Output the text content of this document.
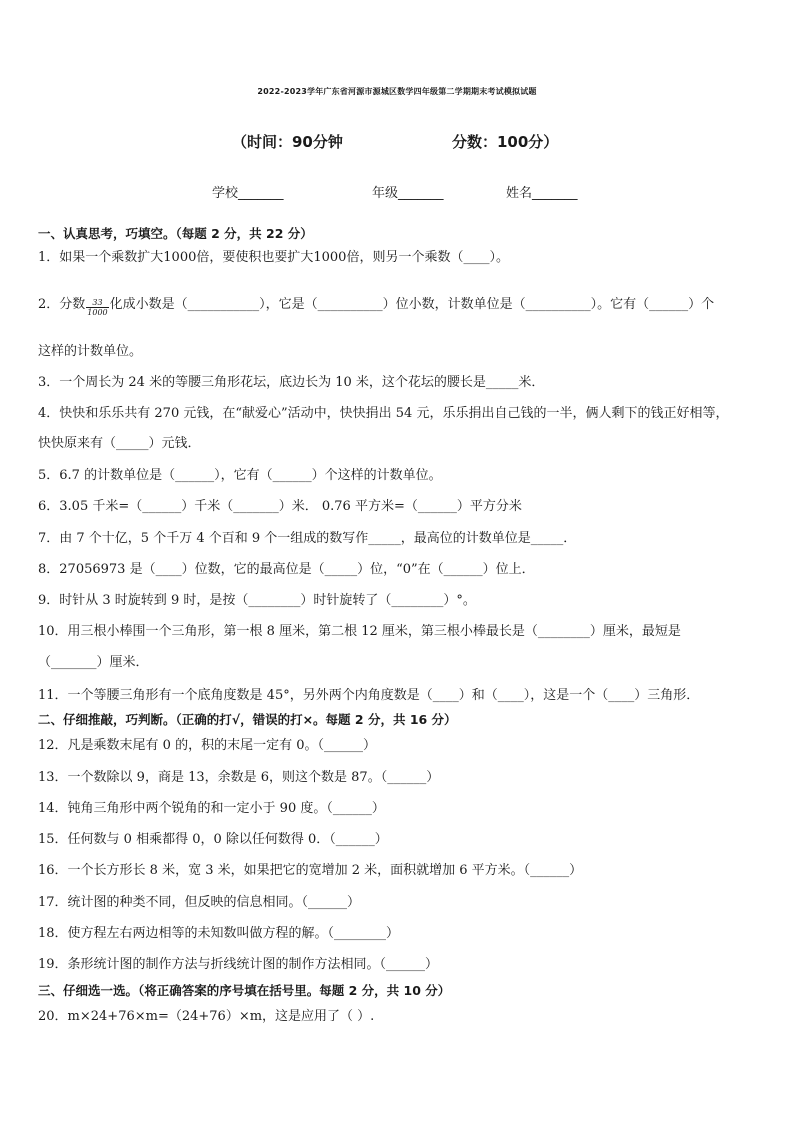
2022-2023学年广东省河源市源城区数学四年级第二学期期末考试模拟试题
（时间：90分钟	分数：100分）
学校_______	年级_______	姓名_______
一、认真思考，巧填空。（每题 2 分，共 22 分）
1．如果一个乘数扩大1000倍，要使积也要扩大1000倍，则另一个乘数（____）。
2．分数 $\frac{33}{1000}$ 化成小数是（___________），它是（__________）位小数，计数单位是（__________）。它有（______）个
这样的计数单位。
3．一个周长为 24 米的等腰三角形花坛，底边长为 10 米，这个花坛的腰长是_____米．
4．快快和乐乐共有 270 元钱，在“献爱心”活动中，快快捐出 54 元，乐乐捐出自己钱的一半，俩人剩下的钱正好相等，
快快原来有（_____）元钱．
5．6.7 的计数单位是（______），它有（______）个这样的计数单位。
6．3.05 千米=（______）千米（_______）米． 0.76 平方米=（______）平方分米
7．由 7 个十亿，5 个千万 4 个百和 9 个一组成的数写作_____，最高位的计数单位是_____．
8．27056973 是（____）位数，它的最高位是（_____）位，“0”在（______）位上．
9．时针从 3 时旋转到 9 时，是按（________）时针旋转了（________）°。
10．用三根小棒围一个三角形，第一根 8 厘米，第二根 12 厘米，第三根小棒最长是（________）厘米，最短是
（_______）厘米．
11．一个等腰三角形有一个底角度数是 45°，另外两个内角度数是（____）和（____），这是一个（____）三角形．
二、仔细推敲，巧判断。（正确的打√，错误的打×。每题 2 分，共 16 分）
12．凡是乘数末尾有 0 的，积的末尾一定有 0。（______）
13．一个数除以 9，商是 13，余数是 6，则这个数是 87。（______）
14．钝角三角形中两个锐角的和一定小于 90 度。（______）
15．任何数与 0 相乘都得 0，0 除以任何数得 0．（______）
16．一个长方形长 8 米，宽 3 米，如果把它的宽增加 2 米，面积就增加 6 平方米。（______）
17．统计图的种类不同，但反映的信息相同。（______）
18．使方程左右两边相等的未知数叫做方程的解。（________）
19．条形统计图的制作方法与折线统计图的制作方法相同。（______）
三、仔细选一选。（将正确答案的序号填在括号里。每题 2 分，共 10 分）
20．m×24+76×m=（24+76）×m，这是应用了（ ）.
